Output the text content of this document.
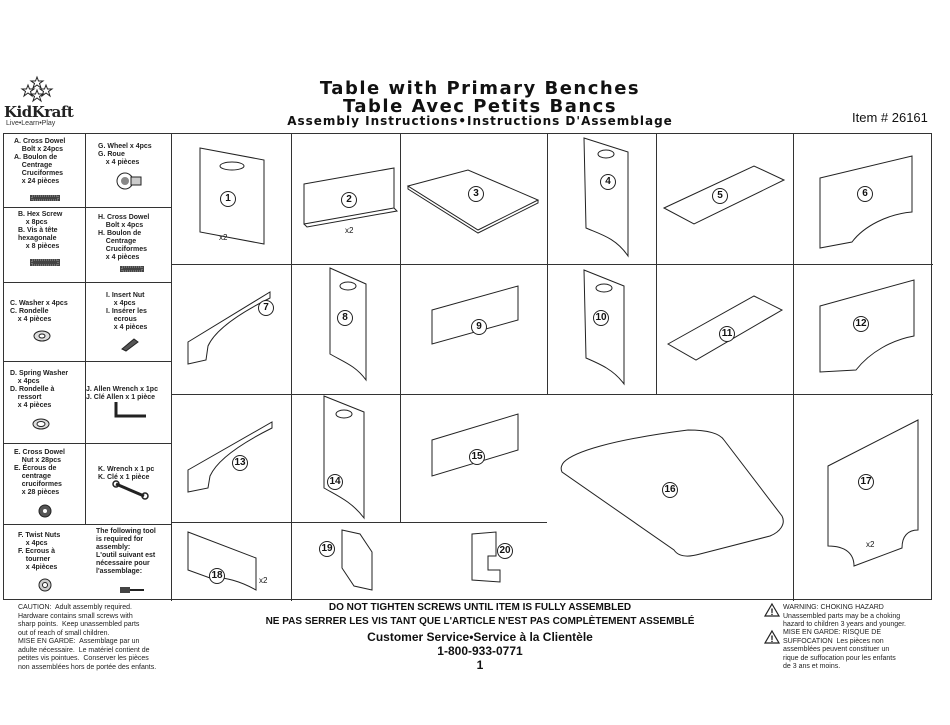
KidKraft
Live•Learn•Play
Table with Primary Benches
Table Avec Petits Bancs
Assembly Instructions•Instructions D'Assemblage	Item # 26161
A. Cross Dowel
Bolt x 24pcs
A. Boulon de
Centrage
Cruciformes
x 24 pièces
G. Wheel x 4pcs
G. Roue
x 4 pièces
B. Hex Screw
x 8pcs
B. Vis à tête
hexagonale
x 8 pièces
H. Cross Dowel
Bolt x 4pcs
H. Boulon de
Centrage
Cruciformes
x 4 pièces
C. Washer x 4pcs
C. Rondelle
x 4 pièces
I. Insert Nut
x 4pcs
I. Insérer les
ecrous
x 4 pièces
D. Spring Washer
x 4pcs
D. Rondelle à
ressort
x 4 pièces
J. Allen Wrench x 1pc
J. Clé Allen x 1 pièce
E. Cross Dowel
Nut x 28pcs
E. Écrous de
centrage
cruciformes
x 28 pièces
K. Wrench x 1 pc
K. Clé x 1 pièce
F. Twist Nuts
x 4pcs
F. Ecrous à
tourner
x 4pièces
The following tool
is required for
assembly:
L'outil suivant est
nécessaire pour
l'assemblage:
1	2
3
4
5	6
7
8
9
10
11
12
13
14
15
16
17
18
19	20
x2
x2
x2
x2
CAUTION:  Adult assembly required.
Hardware contains small screws with
sharp points.  Keep unassembled parts
out of reach of small children.
MISE EN GARDE:  Assemblage par un
adulte nécessaire.  Le matériel contient de
petites vis pointues.  Conserver les pièces
non assemblées hors de portée des enfants.
DO NOT TIGHTEN SCREWS UNTIL ITEM IS FULLY ASSEMBLED
NE PAS SERRER LES VIS TANT QUE L'ARTICLE N'EST PAS COMPLÈTEMENT ASSEMBLÉ
Customer Service•Service à la Clientèle
1-800-933-0771
1
!
!
WARNING: CHOKING HAZARD
Unassembled parts may be a choking
hazard to children 3 years and younger.
MISE EN GARDE: RISQUE DE
SUFFOCATION  Les pièces non
assemblées peuvent constituer un
rique de suffocation pour les enfants
de 3 ans et moins.
